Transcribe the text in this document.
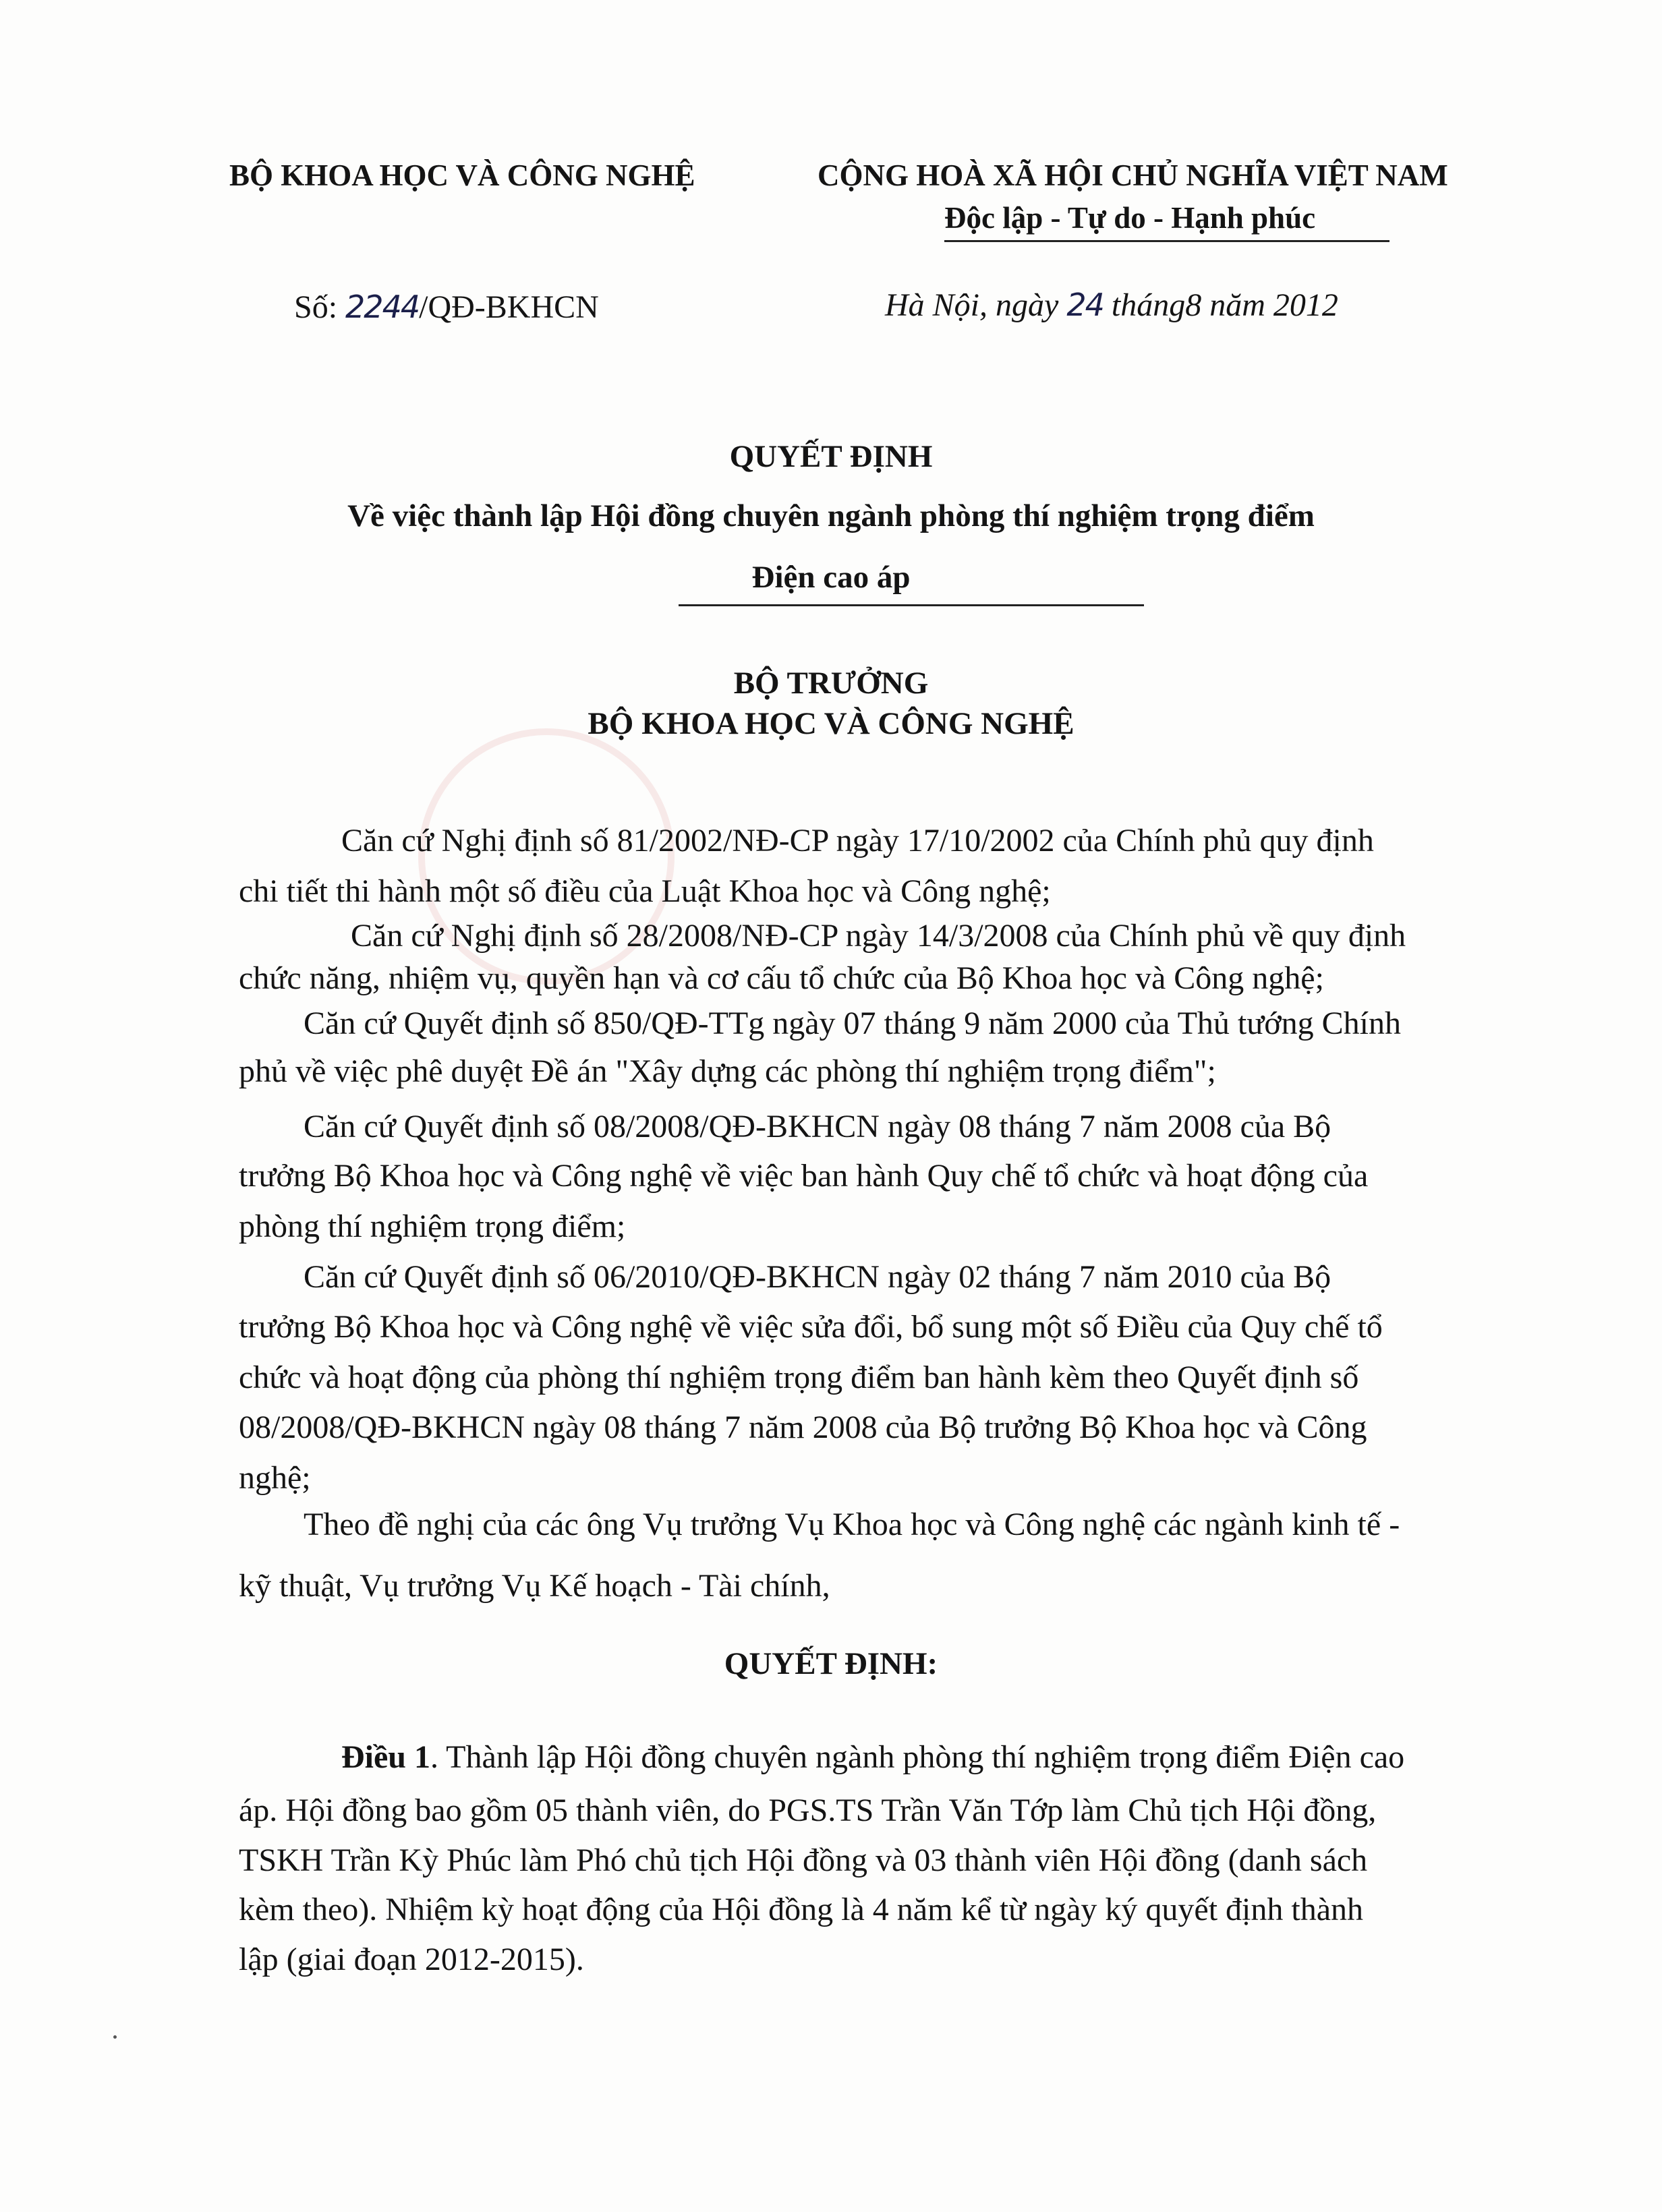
BỘ KHOA HỌC VÀ CÔNG NGHỆ	CỘNG HOÀ XÃ HỘI CHỦ NGHĨA VIỆT NAM
Độc lập - Tự do - Hạnh phúc
Số: 2244/QĐ-BKHCN	Hà Nội, ngày 24 tháng8 năm 2012
QUYẾT ĐỊNH
Về việc thành lập Hội đồng chuyên ngành phòng thí nghiệm trọng điểm
Điện cao áp
BỘ TRƯỞNG
BỘ KHOA HỌC VÀ CÔNG NGHỆ
Căn cứ Nghị định số 81/2002/NĐ-CP ngày 17/10/2002 của Chính phủ quy định
chi tiết thi hành một số điều của Luật Khoa học và Công nghệ;
Căn cứ Nghị định số 28/2008/NĐ-CP ngày 14/3/2008 của Chính phủ về quy định
chức năng, nhiệm vụ, quyền hạn và cơ cấu tổ chức của Bộ Khoa học và Công nghệ;
Căn cứ Quyết định số 850/QĐ-TTg ngày 07 tháng 9 năm 2000 của Thủ tướng Chính
phủ về việc phê duyệt Đề án "Xây dựng các phòng thí nghiệm trọng điểm";
Căn cứ Quyết định số 08/2008/QĐ-BKHCN ngày 08 tháng 7 năm 2008 của Bộ
trưởng Bộ Khoa học và Công nghệ về việc ban hành Quy chế tổ chức và hoạt động của
phòng thí nghiệm trọng điểm;
Căn cứ Quyết định số 06/2010/QĐ-BKHCN ngày 02 tháng 7 năm 2010 của Bộ
trưởng Bộ Khoa học và Công nghệ về việc sửa đổi, bổ sung một số Điều của Quy chế tổ
chức và hoạt động của phòng thí nghiệm trọng điểm ban hành kèm theo Quyết định số
08/2008/QĐ-BKHCN ngày 08 tháng 7 năm 2008 của Bộ trưởng Bộ Khoa học và Công
nghệ;
Theo đề nghị của các ông Vụ trưởng Vụ Khoa học và Công nghệ các ngành kinh tế -
kỹ thuật, Vụ trưởng Vụ Kế hoạch - Tài chính,
QUYẾT ĐỊNH:
Điều 1. Thành lập Hội đồng chuyên ngành phòng thí nghiệm trọng điểm Điện cao
áp. Hội đồng bao gồm 05 thành viên, do PGS.TS Trần Văn Tớp làm Chủ tịch Hội đồng,
TSKH Trần Kỳ Phúc làm Phó chủ tịch Hội đồng và 03 thành viên Hội đồng (danh sách
kèm theo). Nhiệm kỳ hoạt động của Hội đồng là 4 năm kể từ ngày ký quyết định thành
lập (giai đoạn 2012-2015).
